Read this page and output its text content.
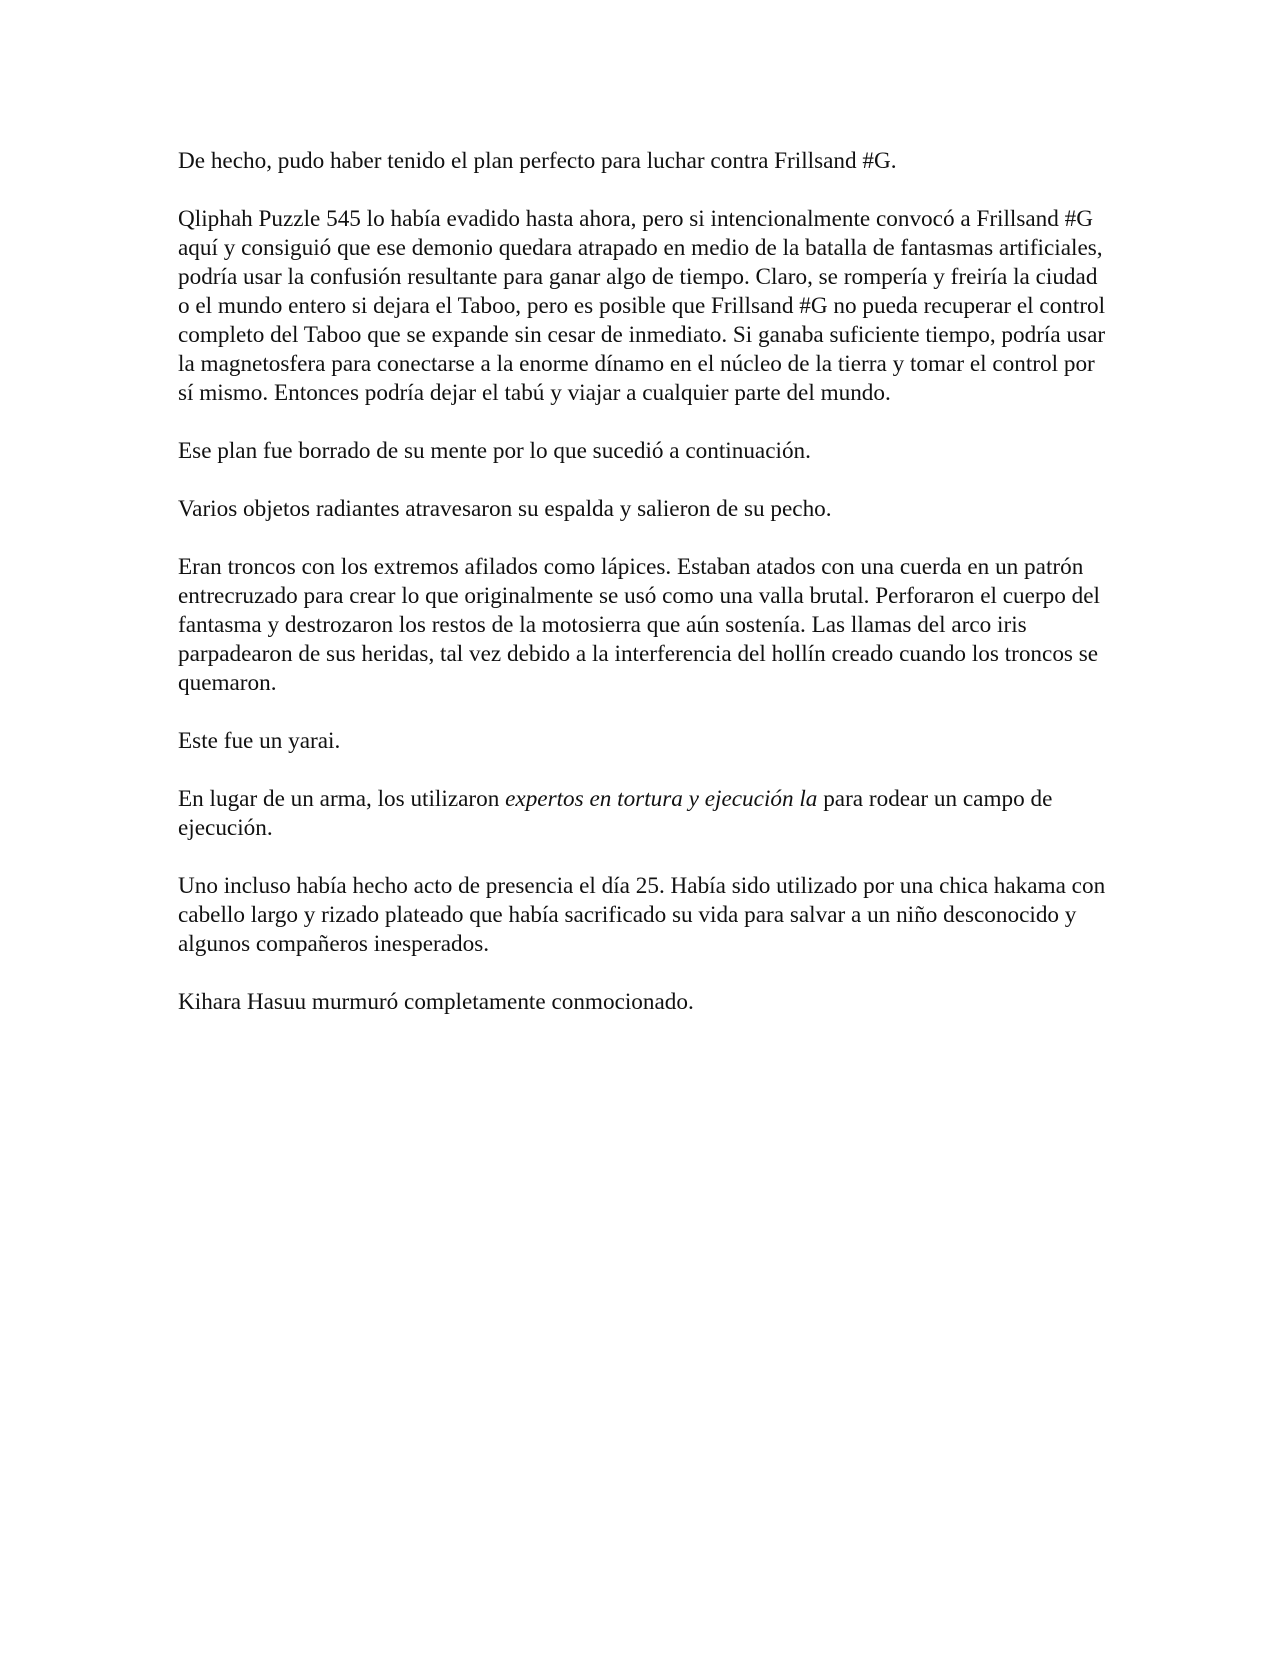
De hecho, pudo haber tenido el plan perfecto para luchar contra Frillsand #G.

Qliphah Puzzle 545 lo había evadido hasta ahora, pero si intencionalmente convocó a Frillsand #G aquí y consiguió que ese demonio quedara atrapado en medio de la batalla de fantasmas artificiales, podría usar la confusión resultante para ganar algo de tiempo. Claro, se rompería y freiría la ciudad o el mundo entero si dejara el Taboo, pero es posible que Frillsand #G no pueda recuperar el control completo del Taboo que se expande sin cesar de inmediato. Si ganaba suficiente tiempo, podría usar la magnetosfera para conectarse a la enorme dínamo en el núcleo de la tierra y tomar el control por sí mismo. Entonces podría dejar el tabú y viajar a cualquier parte del mundo.

Ese plan fue borrado de su mente por lo que sucedió a continuación.

Varios objetos radiantes atravesaron su espalda y salieron de su pecho.

Eran troncos con los extremos afilados como lápices. Estaban atados con una cuerda en un patrón entrecruzado para crear lo que originalmente se usó como una valla brutal. Perforaron el cuerpo del fantasma y destrozaron los restos de la motosierra que aún sostenía. Las llamas del arco iris parpadearon de sus heridas, tal vez debido a la interferencia del hollín creado cuando los troncos se quemaron.

Este fue un yarai.

En lugar de un arma, los utilizaron expertos en tortura y ejecución la para rodear un campo de ejecución.

Uno incluso había hecho acto de presencia el día 25. Había sido utilizado por una chica hakama con cabello largo y rizado plateado que había sacrificado su vida para salvar a un niño desconocido y algunos compañeros inesperados.

Kihara Hasuu murmuró completamente conmocionado.
